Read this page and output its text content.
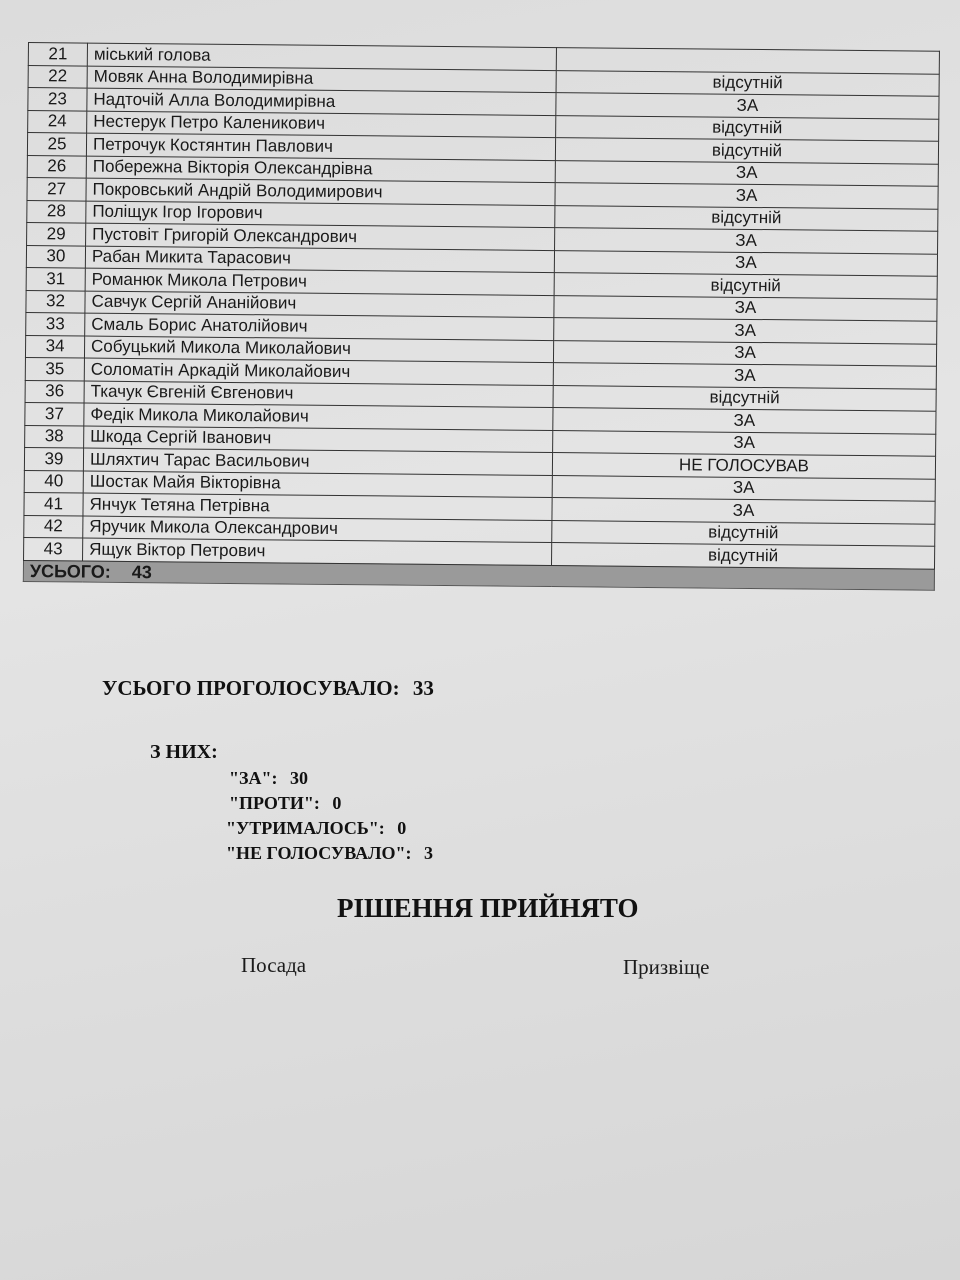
21	міський голова	
22	Мовяк Анна Володимирівна	відсутній
23	Надточій Алла Володимирівна	ЗА
24	Нестерук Петро Каленикович	відсутній
25	Петрочук Костянтин Павлович	відсутній
26	Побережна Вікторія Олександрівна	ЗА
27	Покровський Андрій Володимирович	ЗА
28	Поліщук Ігор Ігорович	відсутній
29	Пустовіт Григорій Олександрович	ЗА
30	Рабан Микита Тарасович	ЗА
31	Романюк Микола Петрович	відсутній
32	Савчук Сергій Ананійович	ЗА
33	Смаль Борис Анатолійович	ЗА
34	Собуцький Микола Миколайович	ЗА
35	Соломатін Аркадій Миколайович	ЗА
36	Ткачук Євгеній Євгенович	відсутній
37	Федік Микола Миколайович	ЗА
38	Шкода Сергій Іванович	ЗА
39	Шляхтич Тарас Васильович	НЕ ГОЛОСУВАВ
40	Шостак Майя Вікторівна	ЗА
41	Янчук Тетяна Петрівна	ЗА
42	Яручик Микола Олександрович	відсутній
43	Ящук Віктор Петрович	відсутній
УСЬОГО: 43		
УСЬОГО ПРОГОЛОСУВАЛО: 33
З НИХ:
"ЗА": 30
"ПРОТИ": 0
"УТРИМАЛОСЬ": 0
"НЕ ГОЛОСУВАЛО": 3
РІШЕННЯ ПРИЙНЯТО
Посада	Призвіще
